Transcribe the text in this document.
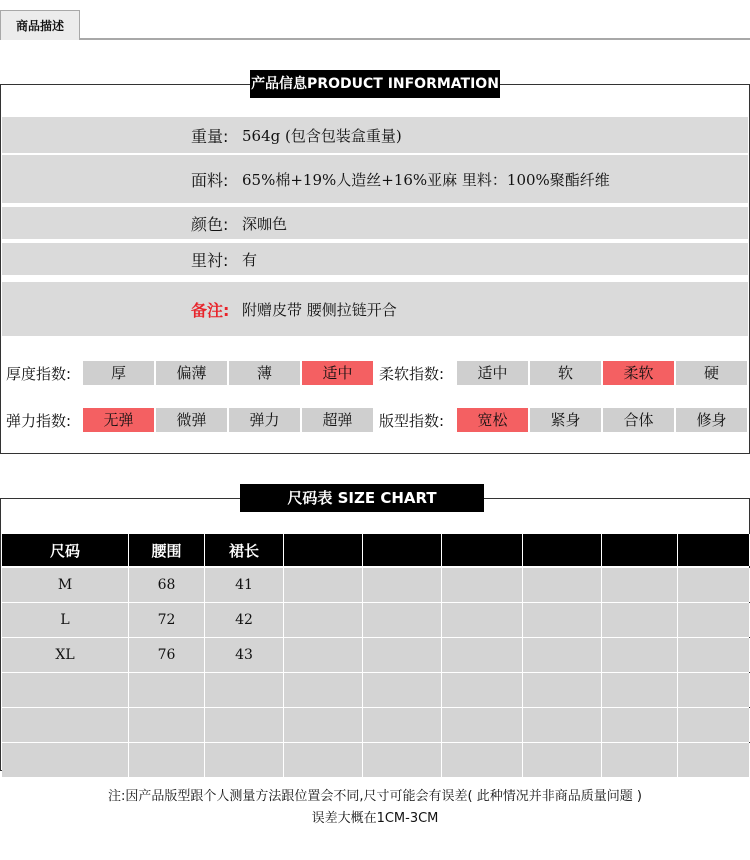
商品描述
产品信息PRODUCT INFORMATION
重量: 564g (包含包装盒重量)
面料: 65%棉+19%人造丝+16%亚麻 里料：100%聚酯纤维
颜色: 深咖色
里衬: 有
备注: 附赠皮带 腰侧拉链开合
厚度指数:	厚	偏薄	薄	适中	柔软指数:	适中	软	柔软	硬
弹力指数:	无弹	微弹	弹力	超弹	版型指数:	宽松	紧身	合体	修身
尺码表 SIZE CHART
尺码	腰围	裙长
M	68	41
L	72	42
XL	76	43
注:因产品版型跟个人测量方法跟位置会不同,尺寸可能会有误差( 此种情况并非商品质量问题 )
误差大概在1CM-3CM
